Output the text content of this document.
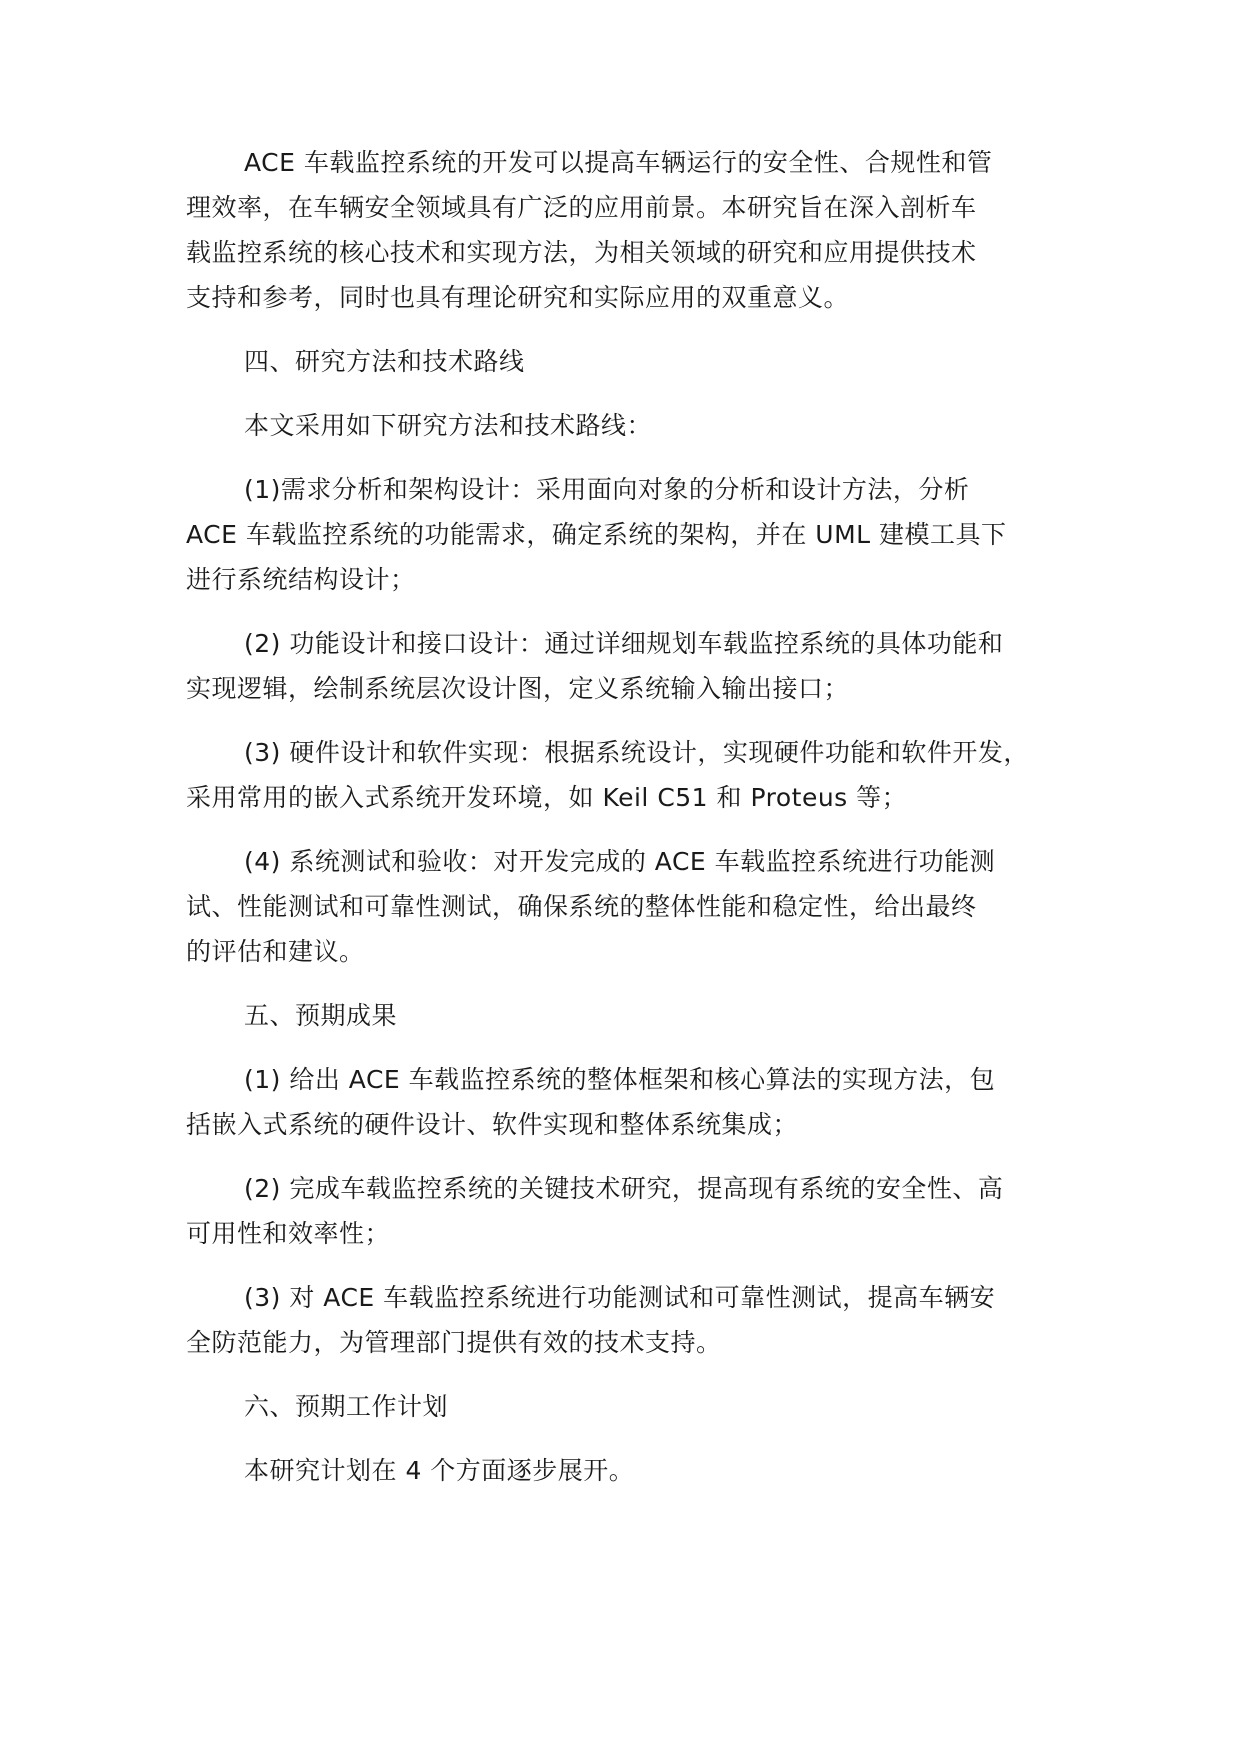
ACE 车载监控系统的开发可以提高车辆运行的安全性、合规性和管
理效率，在车辆安全领域具有广泛的应用前景。本研究旨在深入剖析车
载监控系统的核心技术和实现方法，为相关领域的研究和应用提供技术
支持和参考，同时也具有理论研究和实际应用的双重意义。

四、研究方法和技术路线

本文采用如下研究方法和技术路线：

(1)需求分析和架构设计：采用面向对象的分析和设计方法，分析
ACE 车载监控系统的功能需求，确定系统的架构，并在 UML 建模工具下
进行系统结构设计；

(2) 功能设计和接口设计：通过详细规划车载监控系统的具体功能和
实现逻辑，绘制系统层次设计图，定义系统输入输出接口；

(3) 硬件设计和软件实现：根据系统设计，实现硬件功能和软件开发，
采用常用的嵌入式系统开发环境，如 Keil C51 和 Proteus 等；

(4) 系统测试和验收：对开发完成的 ACE 车载监控系统进行功能测
试、性能测试和可靠性测试，确保系统的整体性能和稳定性，给出最终
的评估和建议。

五、预期成果

(1) 给出 ACE 车载监控系统的整体框架和核心算法的实现方法，包
括嵌入式系统的硬件设计、软件实现和整体系统集成；

(2) 完成车载监控系统的关键技术研究，提高现有系统的安全性、高
可用性和效率性；

(3) 对 ACE 车载监控系统进行功能测试和可靠性测试，提高车辆安
全防范能力，为管理部门提供有效的技术支持。

六、预期工作计划

本研究计划在 4 个方面逐步展开。
